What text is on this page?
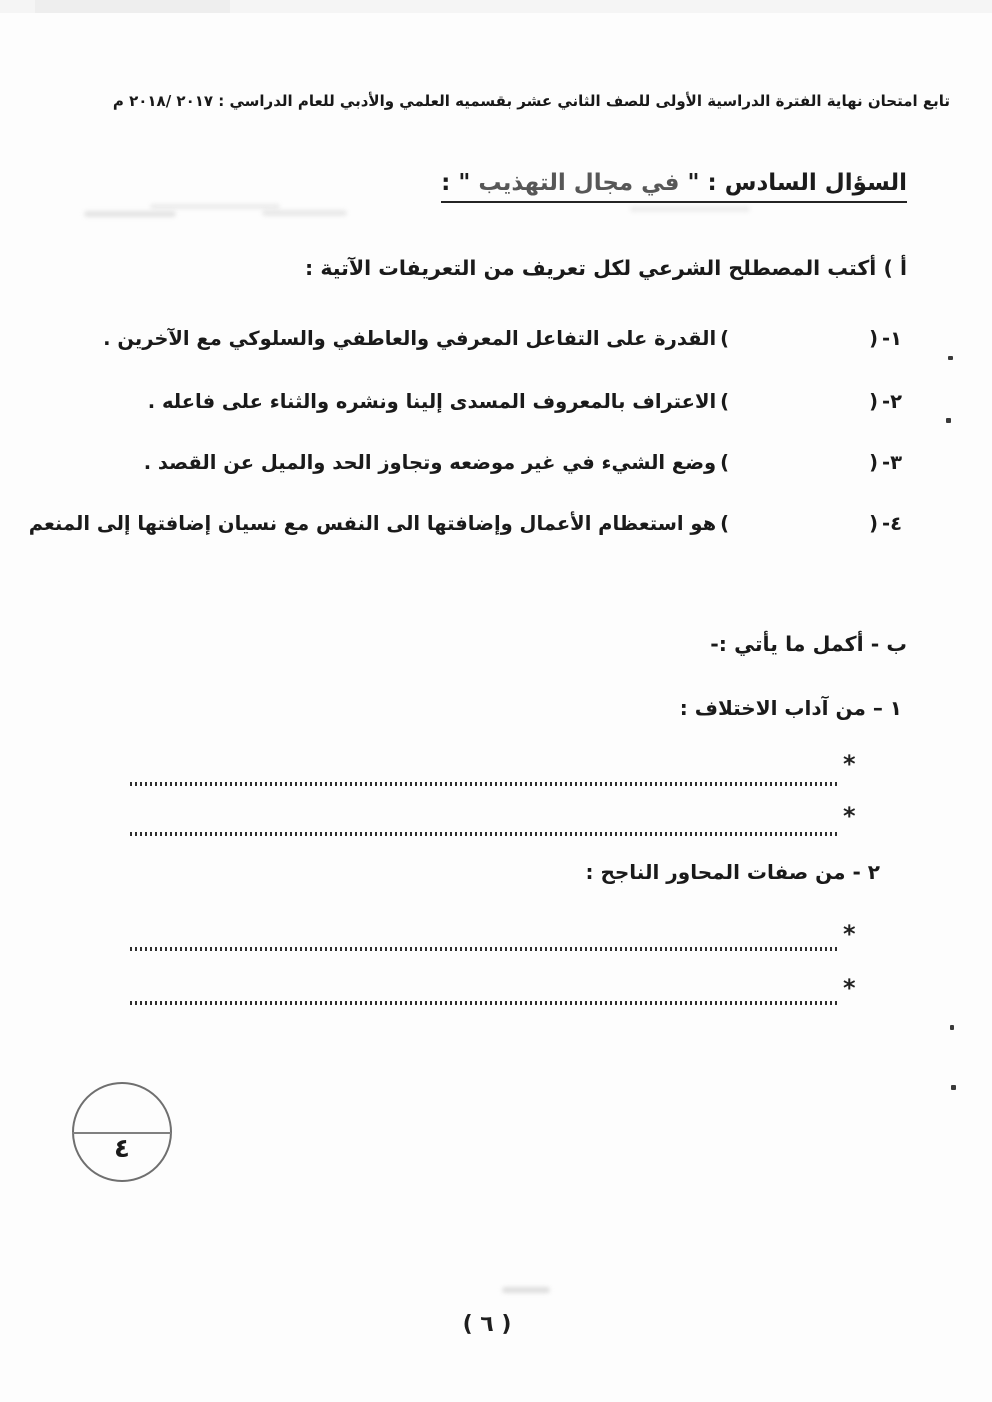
تابع امتحان نهاية الفترة الدراسية الأولى للصف الثاني عشر بقسميه العلمي والأدبي للعام الدراسي : ٢٠١٧ /٢٠١٨ م
السؤال السادس : " في مجال التهذيب " :
أ ) أكتب المصطلح الشرعي لكل تعريف من التعريفات الآتية :
القدرة على التفاعل المعرفي والعاطفي والسلوكي مع الآخرين . (	) ١-
الاعتراف بالمعروف المسدى إلينا ونشره والثناء على فاعله . (	) ٢-
وضع الشيء في غير موضعه وتجاوز الحد والميل عن القصد . (	) ٣-
هو استعظام الأعمال وإضافتها الى النفس مع نسيان إضافتها إلى المنعم (	) ٤-
ب - أكمل ما يأتي :-
١ – من آداب الاختلاف :
*
*
٢ - من صفات المحاور الناجح :
*
*
٤
( ٦ )
